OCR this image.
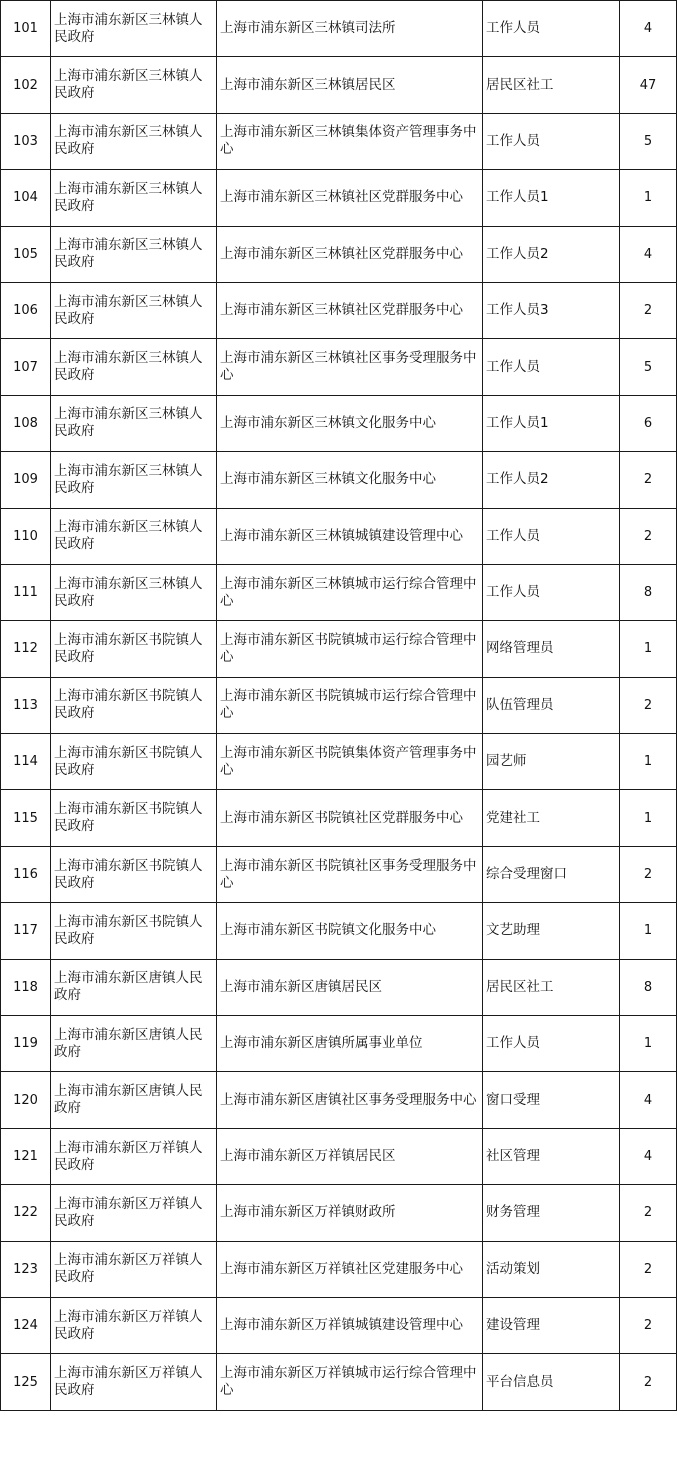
101	上海市浦东新区三林镇人民政府	上海市浦东新区三林镇司法所	工作人员	4
102	上海市浦东新区三林镇人民政府	上海市浦东新区三林镇居民区	居民区社工	47
103	上海市浦东新区三林镇人民政府	上海市浦东新区三林镇集体资产管理事务中心	工作人员	5
104	上海市浦东新区三林镇人民政府	上海市浦东新区三林镇社区党群服务中心	工作人员1	1
105	上海市浦东新区三林镇人民政府	上海市浦东新区三林镇社区党群服务中心	工作人员2	4
106	上海市浦东新区三林镇人民政府	上海市浦东新区三林镇社区党群服务中心	工作人员3	2
107	上海市浦东新区三林镇人民政府	上海市浦东新区三林镇社区事务受理服务中心	工作人员	5
108	上海市浦东新区三林镇人民政府	上海市浦东新区三林镇文化服务中心	工作人员1	6
109	上海市浦东新区三林镇人民政府	上海市浦东新区三林镇文化服务中心	工作人员2	2
110	上海市浦东新区三林镇人民政府	上海市浦东新区三林镇城镇建设管理中心	工作人员	2
111	上海市浦东新区三林镇人民政府	上海市浦东新区三林镇城市运行综合管理中心	工作人员	8
112	上海市浦东新区书院镇人民政府	上海市浦东新区书院镇城市运行综合管理中心	网络管理员	1
113	上海市浦东新区书院镇人民政府	上海市浦东新区书院镇城市运行综合管理中心	队伍管理员	2
114	上海市浦东新区书院镇人民政府	上海市浦东新区书院镇集体资产管理事务中心	园艺师	1
115	上海市浦东新区书院镇人民政府	上海市浦东新区书院镇社区党群服务中心	党建社工	1
116	上海市浦东新区书院镇人民政府	上海市浦东新区书院镇社区事务受理服务中心	综合受理窗口	2
117	上海市浦东新区书院镇人民政府	上海市浦东新区书院镇文化服务中心	文艺助理	1
118	上海市浦东新区唐镇人民政府	上海市浦东新区唐镇居民区	居民区社工	8
119	上海市浦东新区唐镇人民政府	上海市浦东新区唐镇所属事业单位	工作人员	1
120	上海市浦东新区唐镇人民政府	上海市浦东新区唐镇社区事务受理服务中心	窗口受理	4
121	上海市浦东新区万祥镇人民政府	上海市浦东新区万祥镇居民区	社区管理	4
122	上海市浦东新区万祥镇人民政府	上海市浦东新区万祥镇财政所	财务管理	2
123	上海市浦东新区万祥镇人民政府	上海市浦东新区万祥镇社区党建服务中心	活动策划	2
124	上海市浦东新区万祥镇人民政府	上海市浦东新区万祥镇城镇建设管理中心	建设管理	2
125	上海市浦东新区万祥镇人民政府	上海市浦东新区万祥镇城市运行综合管理中心	平台信息员	2
